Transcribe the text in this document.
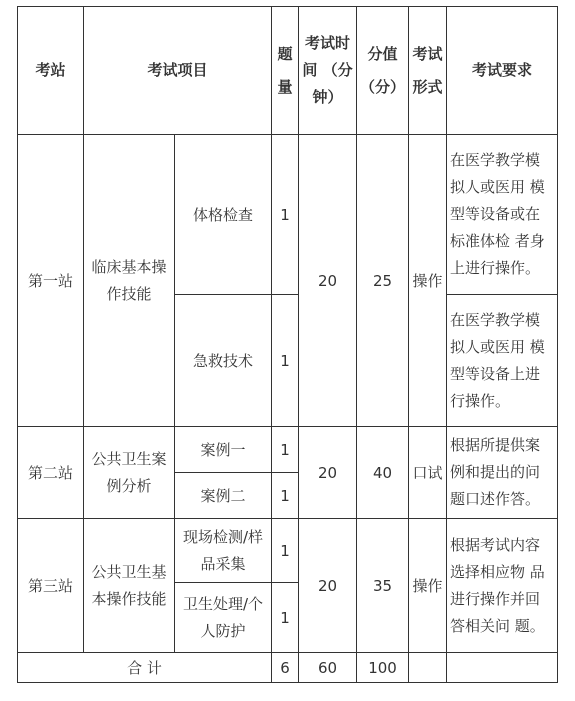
考站	考试项目		题 量	考试时 间 （分 钟）	分值 （分）	考试 形式	考试要求
第一站	临床基本操 作技能	体格检查	1	20	25	操作	在医学教学模 拟人或医用 模 型等设备或在 标准体检 者身 上进行操作。
		急救技术	1				在医学教学模 拟人或医用 模 型等设备上进 行操作。
第二站	公共卫生案 例分析	案例一	1	20	40	口试	根据所提供案 例和提出的问 题口述作答。
		案例二	1				
第三站	公共卫生基 本操作技能	现场检测/样 品采集	1	20	35	操作	根据考试内容 选择相应物 品 进行操作并回 答相关问 题。
		卫生处理/个 人防护	1				
合 计			6	60	100		
